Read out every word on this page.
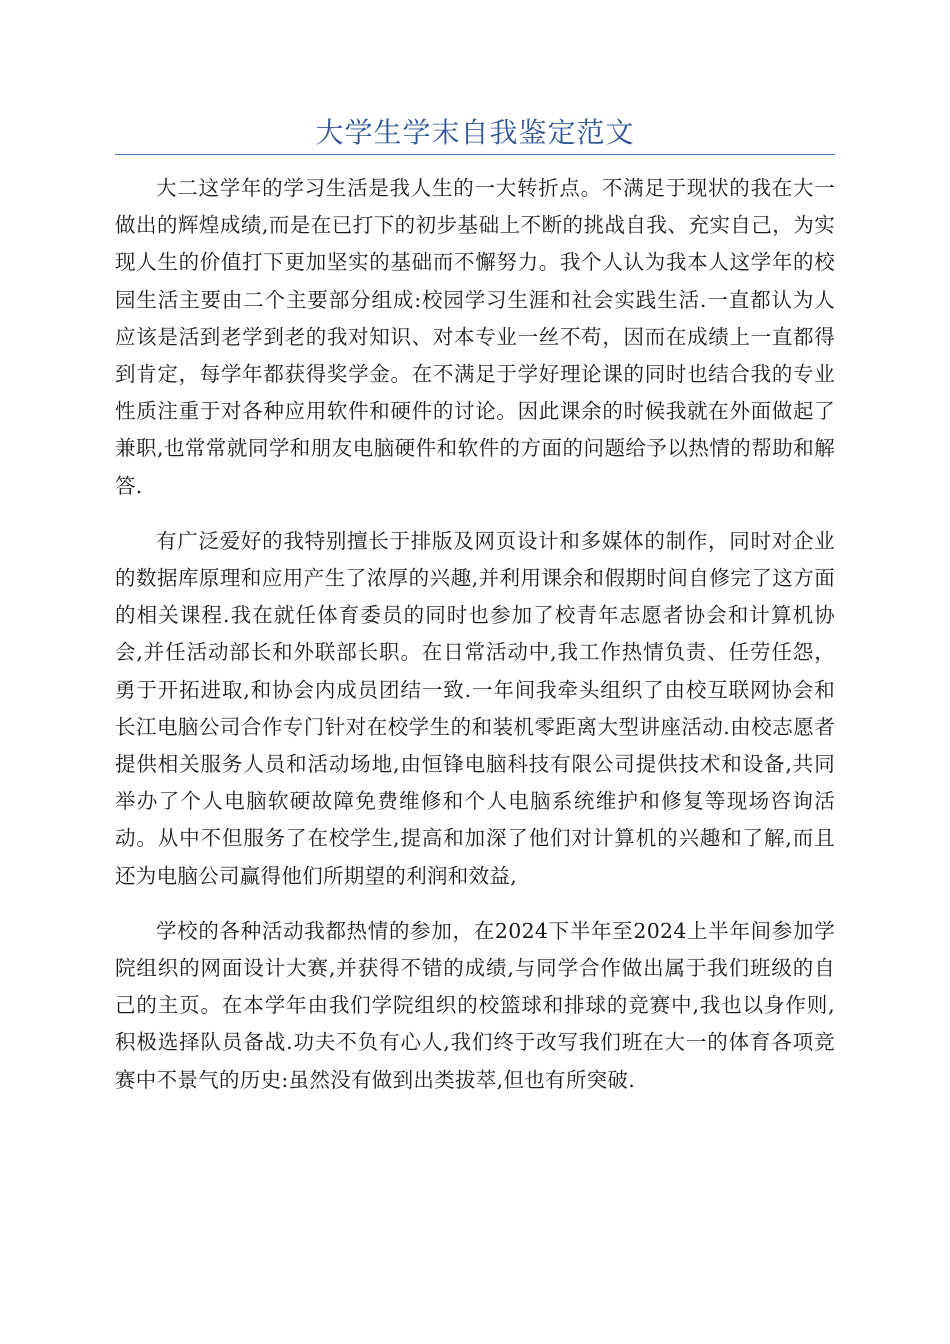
大学生学末自我鉴定范文

大二这学年的学习生活是我人生的一大转折点。不满足于现状的我在大一做出的辉煌成绩,而是在已打下的初步基础上不断的挑战自我、充实自己，为实现人生的价值打下更加坚实的基础而不懈努力。我个人认为我本人这学年的校园生活主要由二个主要部分组成:校园学习生涯和社会实践生活.一直都认为人应该是活到老学到老的我对知识、对本专业一丝不苟，因而在成绩上一直都得到肯定，每学年都获得奖学金。在不满足于学好理论课的同时也结合我的专业性质注重于对各种应用软件和硬件的讨论。因此课余的时候我就在外面做起了兼职,也常常就同学和朋友电脑硬件和软件的方面的问题给予以热情的帮助和解答.

有广泛爱好的我特别擅长于排版及网页设计和多媒体的制作，同时对企业的数据库原理和应用产生了浓厚的兴趣,并利用课余和假期时间自修完了这方面的相关课程.我在就任体育委员的同时也参加了校青年志愿者协会和计算机协会,并任活动部长和外联部长职。在日常活动中,我工作热情负责、任劳任怨，勇于开拓进取,和协会内成员团结一致.一年间我牵头组织了由校互联网协会和长江电脑公司合作专门针对在校学生的和装机零距离大型讲座活动.由校志愿者提供相关服务人员和活动场地,由恒锋电脑科技有限公司提供技术和设备,共同举办了个人电脑软硬故障免费维修和个人电脑系统维护和修复等现场咨询活动。从中不但服务了在校学生,提高和加深了他们对计算机的兴趣和了解,而且还为电脑公司赢得他们所期望的利润和效益,

学校的各种活动我都热情的参加，在2024下半年至2024上半年间参加学院组织的网面设计大赛,并获得不错的成绩,与同学合作做出属于我们班级的自己的主页。在本学年由我们学院组织的校篮球和排球的竞赛中,我也以身作则,积极选择队员备战.功夫不负有心人,我们终于改写我们班在大一的体育各项竞赛中不景气的历史:虽然没有做到出类拔萃,但也有所突破.
